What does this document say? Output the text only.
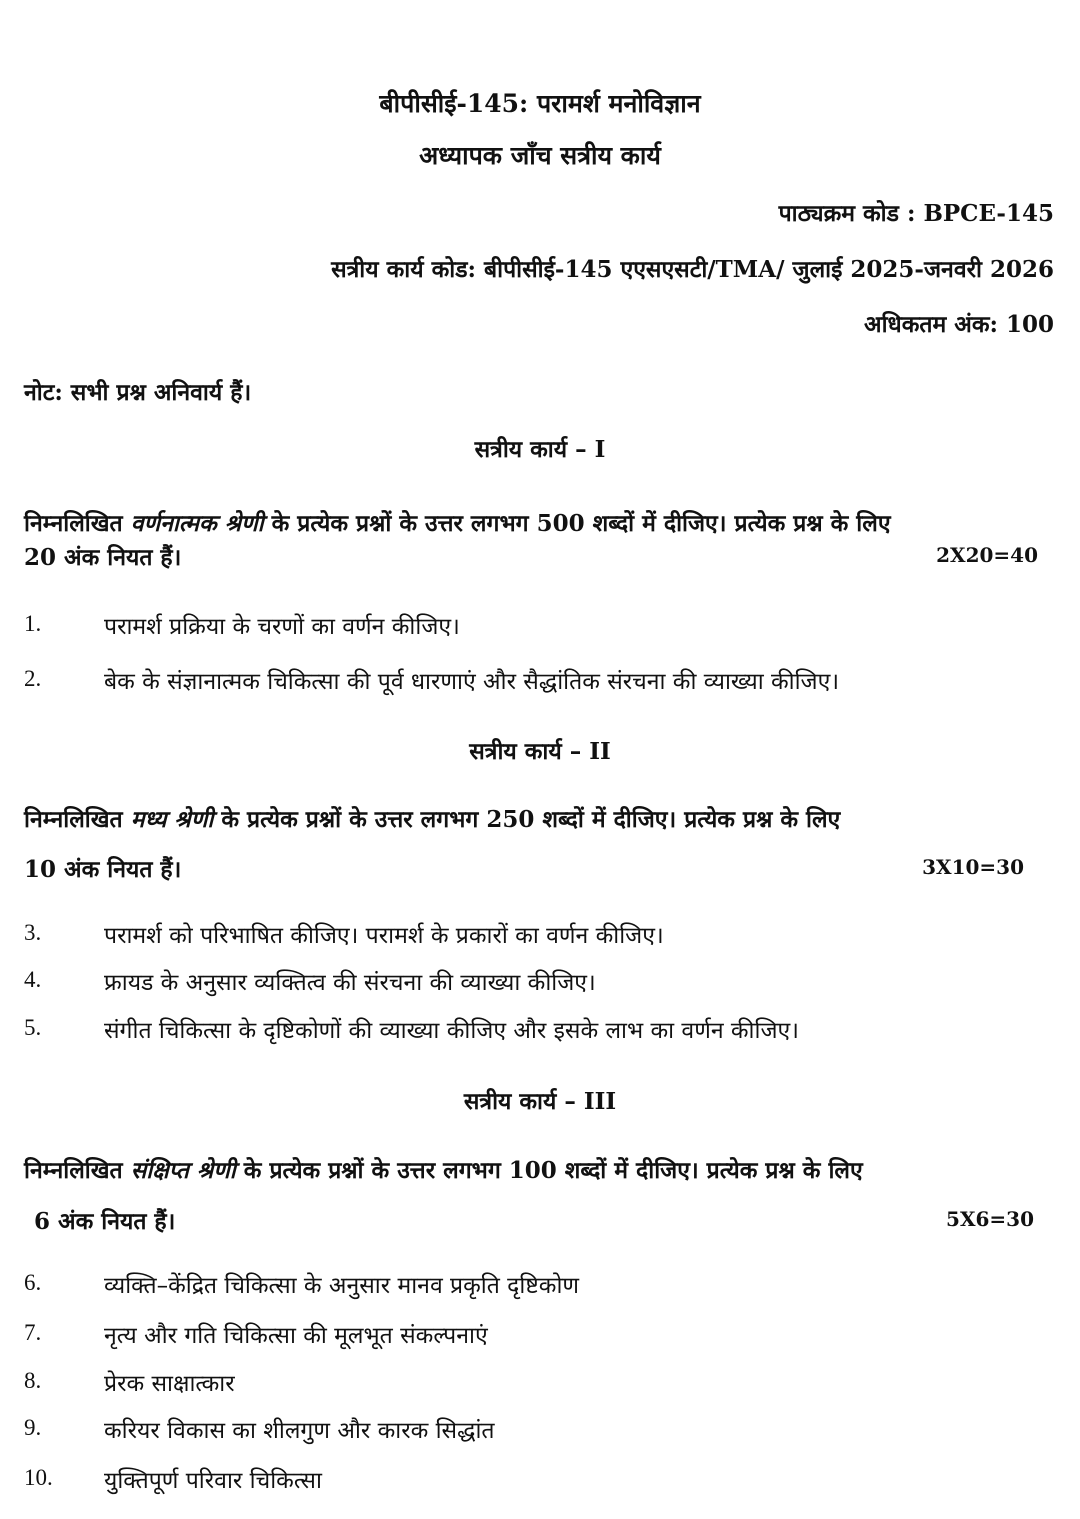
बीपीसीई-145: परामर्श मनोविज्ञान
अध्यापक जाँच सत्रीय कार्य
पाठ्यक्रम कोड : BPCE-145
सत्रीय कार्य कोड: बीपीसीई-145 एएसएसटी/TMA/ जुलाई 2025-जनवरी 2026
अधिकतम अंक: 100
नोट: सभी प्रश्न अनिवार्य हैं।
सत्रीय कार्य – I
निम्नलिखित वर्णनात्मक श्रेणी के प्रत्येक प्रश्नों के उत्तर लगभग 500 शब्दों में दीजिए। प्रत्येक प्रश्न के लिए
20 अंक नियत हैं।	2X20=40
1.	परामर्श प्रक्रिया के चरणों का वर्णन कीजिए।
2.	बेक के संज्ञानात्मक चिकित्सा की पूर्व धारणाएं और सैद्धांतिक संरचना की व्याख्या कीजिए।
सत्रीय कार्य – II
निम्नलिखित मध्य श्रेणी के प्रत्येक प्रश्नों के उत्तर लगभग 250 शब्दों में दीजिए। प्रत्येक प्रश्न के लिए
10 अंक नियत हैं।	3X10=30
3.	परामर्श को परिभाषित कीजिए। परामर्श के प्रकारों का वर्णन कीजिए।
4.	फ्रायड के अनुसार व्यक्तित्व की संरचना की व्याख्या कीजिए।
5.	संगीत चिकित्सा के दृष्टिकोणों की व्याख्या कीजिए और इसके लाभ का वर्णन कीजिए।
सत्रीय कार्य – III
निम्नलिखित संक्षिप्त श्रेणी के प्रत्येक प्रश्नों के उत्तर लगभग 100 शब्दों में दीजिए। प्रत्येक प्रश्न के लिए
6 अंक नियत हैं।	5X6=30
6.	व्यक्ति–केंद्रित चिकित्सा के अनुसार मानव प्रकृति दृष्टिकोण
7.	नृत्य और गति चिकित्सा की मूलभूत संकल्पनाएं
8.	प्रेरक साक्षात्कार
9.	करियर विकास का शीलगुण और कारक सिद्धांत
10. युक्तिपूर्ण परिवार चिकित्सा
